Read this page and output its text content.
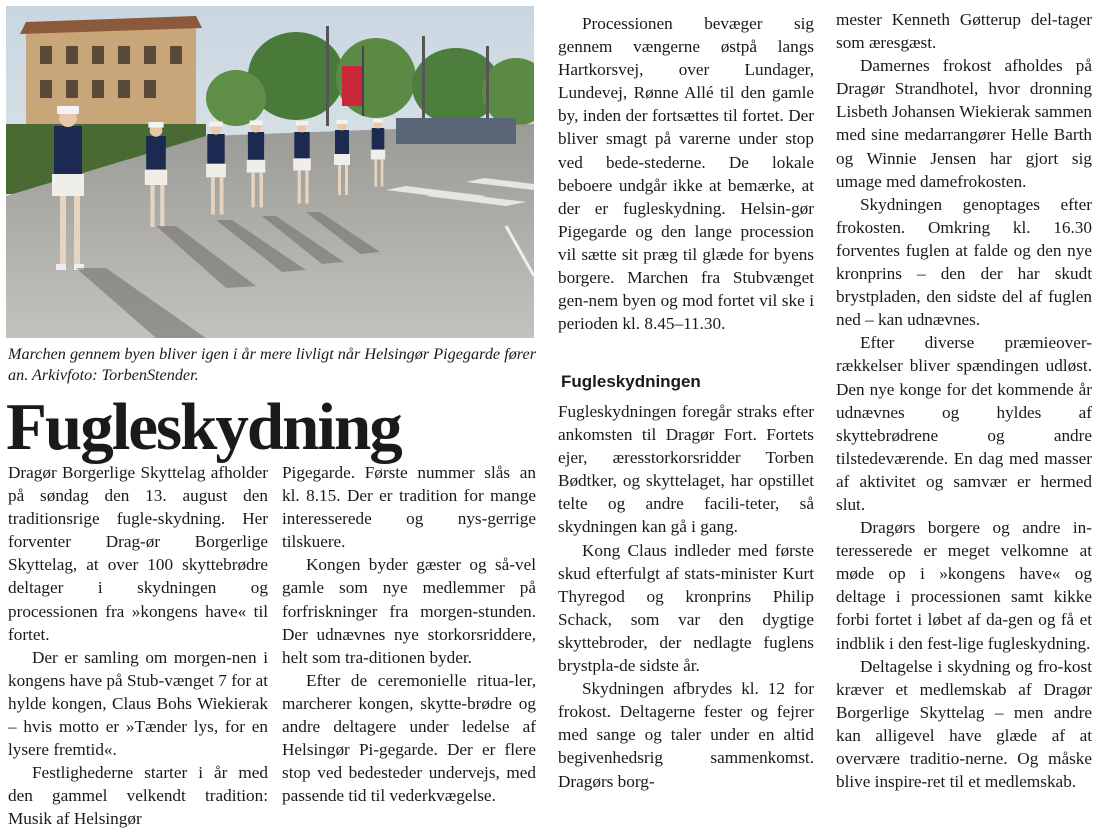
Marchen gennem byen bliver igen i år mere livligt når Helsingør Pigegarde fører an. Arkivfoto: TorbenStender.
Fugleskydning

Dragør Borgerlige Skyttelag afholder på søndag den 13. august den traditionsrige fugle-skydning. Her forventer Drag-ør Borgerlige Skyttelag, at over 100 skyttebrødre deltager i skydningen og processionen fra »kongens have« til fortet.

Der er samling om morgen-nen i kongens have på Stub-vænget 7 for at hylde kongen, Claus Bohs Wiekierak – hvis motto er »Tænder lys, for en lysere fremtid«.

Festlighederne starter i år med den gammel velkendt tradition: Musik af Helsingør

Pigegarde. Første nummer slås an kl. 8.15. Der er tradition for mange interesserede og nys-gerrige tilskuere.

Kongen byder gæster og så-vel gamle som nye medlemmer på forfriskninger fra morgen-stunden. Der udnævnes nye storkorsriddere, helt som tra-ditionen byder.

Efter de ceremonielle ritua-ler, marcherer kongen, skytte-brødre og andre deltagere under ledelse af Helsingør Pi-gegarde. Der er flere stop ved bedesteder undervejs, med passende tid til vederkvægelse.

Processionen bevæger sig gennem vængerne østpå langs Hartkorsvej, over Lundager, Lundevej, Rønne Allé til den gamle by, inden der fortsættes til fortet. Der bliver smagt på varerne under stop ved bede-stederne. De lokale beboere undgår ikke at bemærke, at der er fugleskydning. Helsin-gør Pigegarde og den lange procession vil sætte sit præg til glæde for byens borgere. Marchen fra Stubvænget gen-nem byen og mod fortet vil ske i perioden kl. 8.45–11.30.

Fugleskydningen

Fugleskydningen foregår straks efter ankomsten til Dragør Fort. Fortets ejer, æresstorkorsridder Torben Bødtker, og skyttelaget, har opstillet telte og andre facili-teter, så skydningen kan gå i gang.

Kong Claus indleder med første skud efterfulgt af stats-minister Kurt Thyregod og kronprins Philip Schack, som var den dygtige skyttebroder, der nedlagte fuglens brystpla-de sidste år.

Skydningen afbrydes kl. 12 for frokost. Deltagerne fester og fejrer med sange og taler under en altid begivenhedsrig sammenkomst. Dragørs borg-

mester Kenneth Gøtterup del-tager som æresgæst.

Damernes frokost afholdes på Dragør Strandhotel, hvor dronning Lisbeth Johansen Wiekierak sammen med sine medarrangører Helle Barth og Winnie Jensen har gjort sig umage med damefrokosten.

Skydningen genoptages efter frokosten. Omkring kl. 16.30 forventes fuglen at falde og den nye kronprins – den der har skudt brystpladen, den sidste del af fuglen ned – kan udnævnes.

Efter diverse præmieover-rækkelser bliver spændingen udløst. Den nye konge for det kommende år udnævnes og hyldes af skyttebrødrene og andre tilstedeværende. En dag med masser af aktivitet og samvær er hermed slut.

Dragørs borgere og andre in-teresserede er meget velkomne at møde op i »kongens have« og deltage i processionen samt kikke forbi fortet i løbet af da-gen og få et indblik i den fest-lige fugleskydning.

Deltagelse i skydning og fro-kost kræver et medlemskab af Dragør Borgerlige Skyttelag – men andre kan alligevel have glæde af at overvære traditio-nerne. Og måske blive inspire-ret til et medlemskab.
